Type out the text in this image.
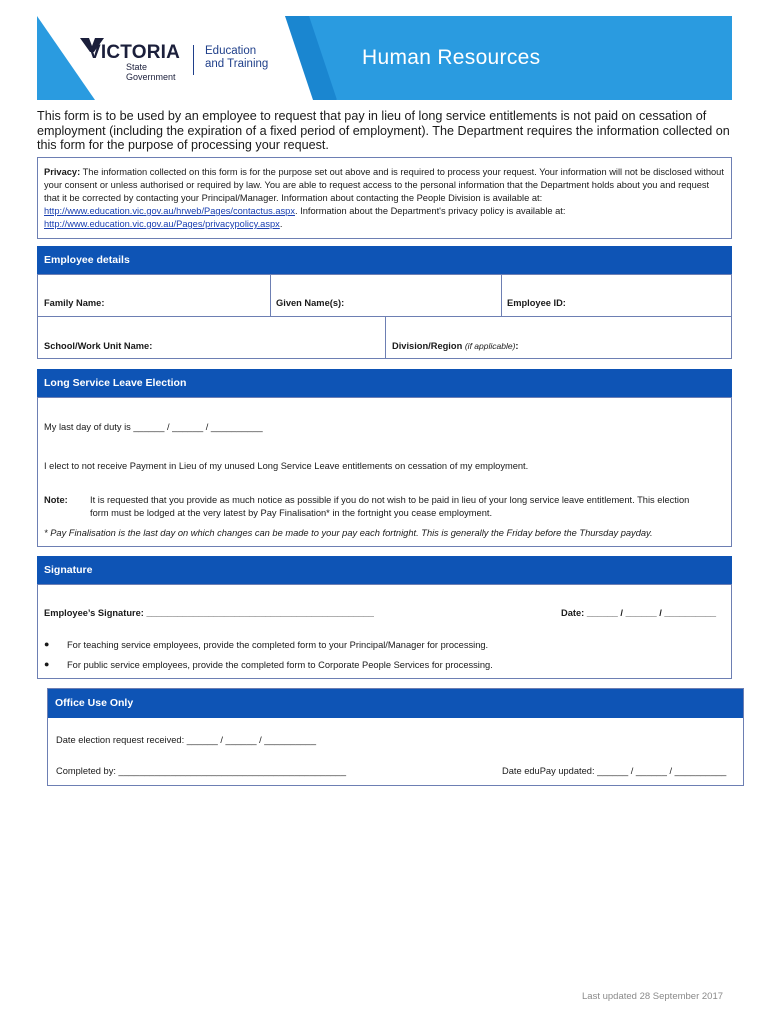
Human Resources
VICTORIA
State
Government
Education
and Training
This form is to be used by an employee to request that pay in lieu of long service entitlements is not paid on cessation of employment (including the expiration of a fixed period of employment). The Department requires the information collected on this form for the purpose of processing your request.
Privacy: The information collected on this form is for the purpose set out above and is required to process your request. Your information will not be disclosed without your consent or unless authorised or required by law. You are able to request access to the personal information that the Department holds about you and request that it be corrected by contacting your Principal/Manager. Information about contacting the People Division is available at:
http://www.education.vic.gov.au/hrweb/Pages/contactus.aspx. Information about the Department's privacy policy is available at:
http://www.education.vic.gov.au/Pages/privacypolicy.aspx.
Employee details
Family Name:	Given Name(s):	Employee ID:
School/Work Unit Name:	Division/Region (if applicable):
Long Service Leave Election
My last day of duty is ______ / ______ / __________
I elect to not receive Payment in Lieu of my unused Long Service Leave entitlements on cessation of my employment.
Note: It is requested that you provide as much notice as possible if you do not wish to be paid in lieu of your long service leave entitlement. This election
form must be lodged at the very latest by Pay Finalisation* in the fortnight you cease employment.
* Pay Finalisation is the last day on which changes can be made to your pay each fortnight. This is generally the Friday before the Thursday payday.
Signature
Employee’s Signature: ____________________________________________	Date: ______ / ______ / __________
● For teaching service employees, provide the completed form to your Principal/Manager for processing.
● For public service employees, provide the completed form to Corporate People Services for processing.
Office Use Only
Date election request received: ______ / ______ / __________
Completed by: ____________________________________________	Date eduPay updated: ______ / ______ / __________
Last updated 28 September 2017
